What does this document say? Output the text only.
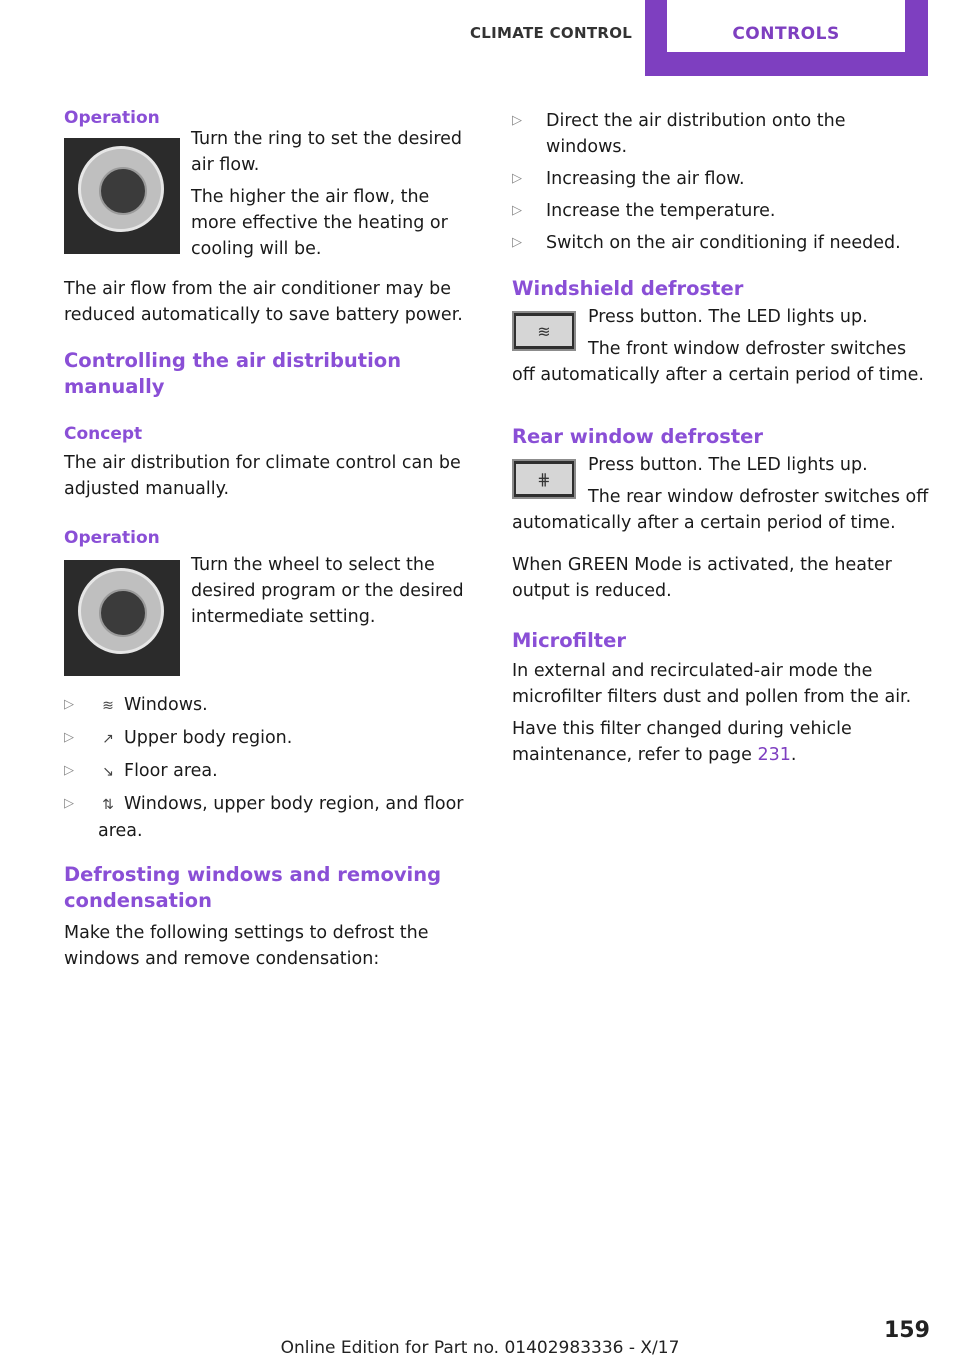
CLIMATE CONTROL	CONTROLS
Operation

Turn the ring to set the desired air flow.

The higher the air flow, the more effective the heating or cooling will be.

The air flow from the air conditioner may be reduced automatically to save battery power.

Controlling the air distribution manually
Concept

The air distribution for climate control can be adjusted manually.

Operation

Turn the wheel to select the desired program or the desired intermediate setting.

▷ ≋ Windows.
▷ ↗ Upper body region.
▷ ↘ Floor area.
▷ ⇅ Windows, upper body region, and floor area.
Defrosting windows and removing condensation

Make the following settings to defrost the windows and remove condensation:

▷ Direct the air distribution onto the windows.
▷ Increasing the air flow.
▷ Increase the temperature.
▷ Switch on the air conditioning if needed.
Windshield defroster
≋

Press button. The LED lights up.

The front window defroster switches

off automatically after a certain period of time.

Rear window defroster
⋕

Press button. The LED lights up.

The rear window defroster switches off

automatically after a certain period of time.

When GREEN Mode is activated, the heater output is reduced.

Microfilter

In external and recirculated-air mode the microfilter filters dust and pollen from the air.

Have this filter changed during vehicle maintenance, refer to page 231.

159
Online Edition for Part no. 01402983336 - X/17
